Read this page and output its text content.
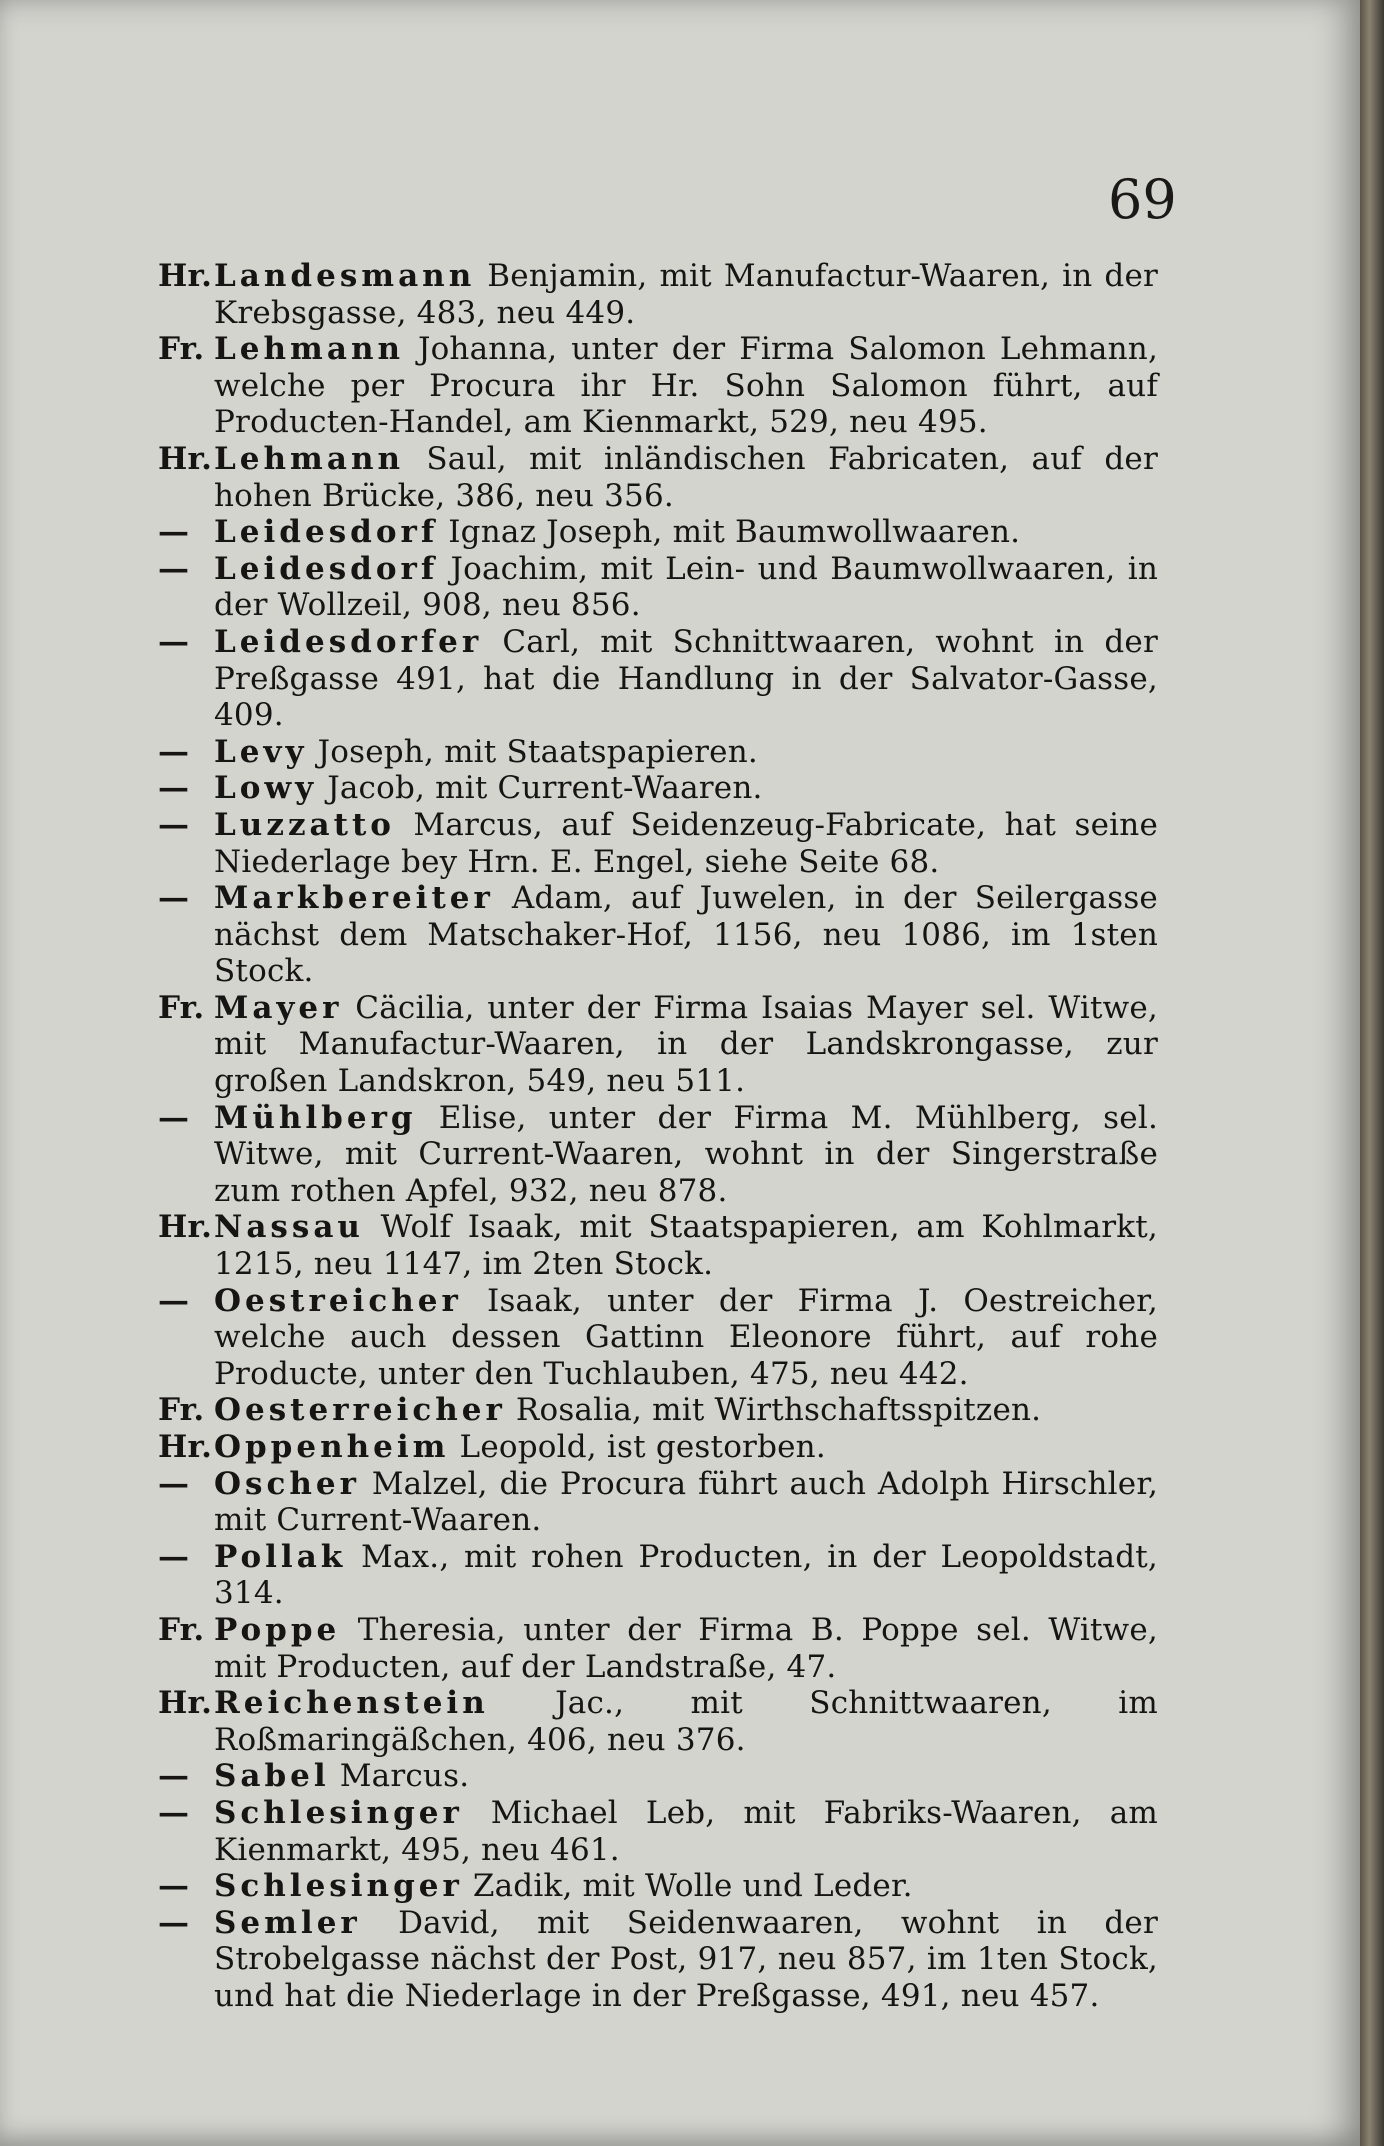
69
Hr. Landesmann Benjamin, mit Manufactur-Waaren, in der Krebsgasse, 483, neu 449.
Fr. Lehmann Johanna, unter der Firma Salomon Lehmann, welche per Procura ihr Hr. Sohn Salomon führt, auf Producten-Handel, am Kienmarkt, 529, neu 495.
Hr. Lehmann Saul, mit inländischen Fabricaten, auf der hohen Brücke, 386, neu 356.
— Leidesdorf Ignaz Joseph, mit Baumwollwaaren.
— Leidesdorf Joachim, mit Lein- und Baumwollwaaren, in der Wollzeil, 908, neu 856.
— Leidesdorfer Carl, mit Schnittwaaren, wohnt in der Preßgasse 491, hat die Handlung in der Salvator-Gasse, 409.
— Levy Joseph, mit Staatspapieren.
— Lowy Jacob, mit Current-Waaren.
— Luzzatto Marcus, auf Seidenzeug-Fabricate, hat seine Niederlage bey Hrn. E. Engel, siehe Seite 68.
— Markbereiter Adam, auf Juwelen, in der Seilergasse nächst dem Matschaker-Hof, 1156, neu 1086, im 1sten Stock.
Fr. Mayer Cäcilia, unter der Firma Isaias Mayer sel. Witwe, mit Manufactur-Waaren, in der Landskrongasse, zur großen Landskron, 549, neu 511.
— Mühlberg Elise, unter der Firma M. Mühlberg, sel. Witwe, mit Current-Waaren, wohnt in der Singerstraße zum rothen Apfel, 932, neu 878.
Hr. Nassau Wolf Isaak, mit Staatspapieren, am Kohlmarkt, 1215, neu 1147, im 2ten Stock.
— Oestreicher Isaak, unter der Firma J. Oestreicher, welche auch dessen Gattinn Eleonore führt, auf rohe Producte, unter den Tuchlauben, 475, neu 442.
Fr. Oesterreicher Rosalia, mit Wirthschaftsspitzen.
Hr. Oppenheim Leopold, ist gestorben.
— Oscher Malzel, die Procura führt auch Adolph Hirschler, mit Current-Waaren.
— Pollak Max., mit rohen Producten, in der Leopoldstadt, 314.
Fr. Poppe Theresia, unter der Firma B. Poppe sel. Witwe, mit Producten, auf der Landstraße, 47.
Hr. Reichenstein Jac., mit Schnittwaaren, im Roßmaringäßchen, 406, neu 376.
— Sabel Marcus.
— Schlesinger Michael Leb, mit Fabriks-Waaren, am Kienmarkt, 495, neu 461.
— Schlesinger Zadik, mit Wolle und Leder.
— Semler David, mit Seidenwaaren, wohnt in der Strobelgasse nächst der Post, 917, neu 857, im 1ten Stock, und hat die Niederlage in der Preßgasse, 491, neu 457.
